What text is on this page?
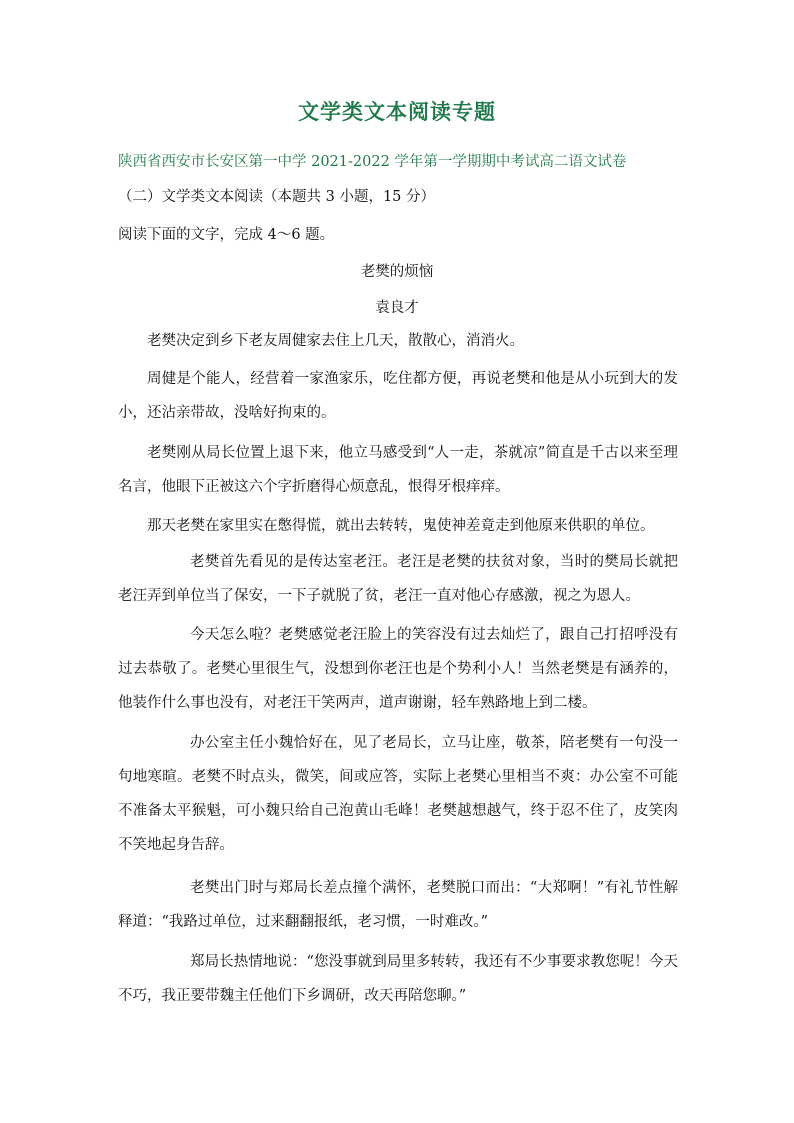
文学类文本阅读专题
陕西省西安市长安区第一中学 2021-2022 学年第一学期期中考试高二语文试卷
（二）文学类文本阅读（本题共 3 小题，15 分）
阅读下面的文字，完成 4～6 题。
老樊的烦恼
袁良才
老樊决定到乡下老友周健家去住上几天，散散心，消消火。
周健是个能人，经营着一家渔家乐，吃住都方便，再说老樊和他是从小玩到大的发小，还沾亲带故，没啥好拘束的。
老樊刚从局长位置上退下来，他立马感受到“人一走，茶就凉”简直是千古以来至理名言，他眼下正被这六个字折磨得心烦意乱，恨得牙根痒痒。
那天老樊在家里实在憋得慌，就出去转转，鬼使神差竟走到他原来供职的单位。
老樊首先看见的是传达室老汪。老汪是老樊的扶贫对象，当时的樊局长就把老汪弄到单位当了保安，一下子就脱了贫，老汪一直对他心存感激，视之为恩人。
今天怎么啦？老樊感觉老汪脸上的笑容没有过去灿烂了，跟自己打招呼没有过去恭敬了。老樊心里很生气，没想到你老汪也是个势利小人！当然老樊是有涵养的，他装作什么事也没有，对老汪干笑两声，道声谢谢，轻车熟路地上到二楼。
办公室主任小魏恰好在，见了老局长，立马让座，敬茶，陪老樊有一句没一句地寒暄。老樊不时点头，微笑，间或应答，实际上老樊心里相当不爽：办公室不可能不准备太平猴魁，可小魏只给自己泡黄山毛峰！老樊越想越气，终于忍不住了，皮笑肉不笑地起身告辞。
老樊出门时与郑局长差点撞个满怀，老樊脱口而出：“大郑啊！”有礼节性解释道：“我路过单位，过来翻翻报纸，老习惯，一时难改。”
郑局长热情地说：“您没事就到局里多转转，我还有不少事要求教您呢！今天不巧，我正要带魏主任他们下乡调研，改天再陪您聊。”
